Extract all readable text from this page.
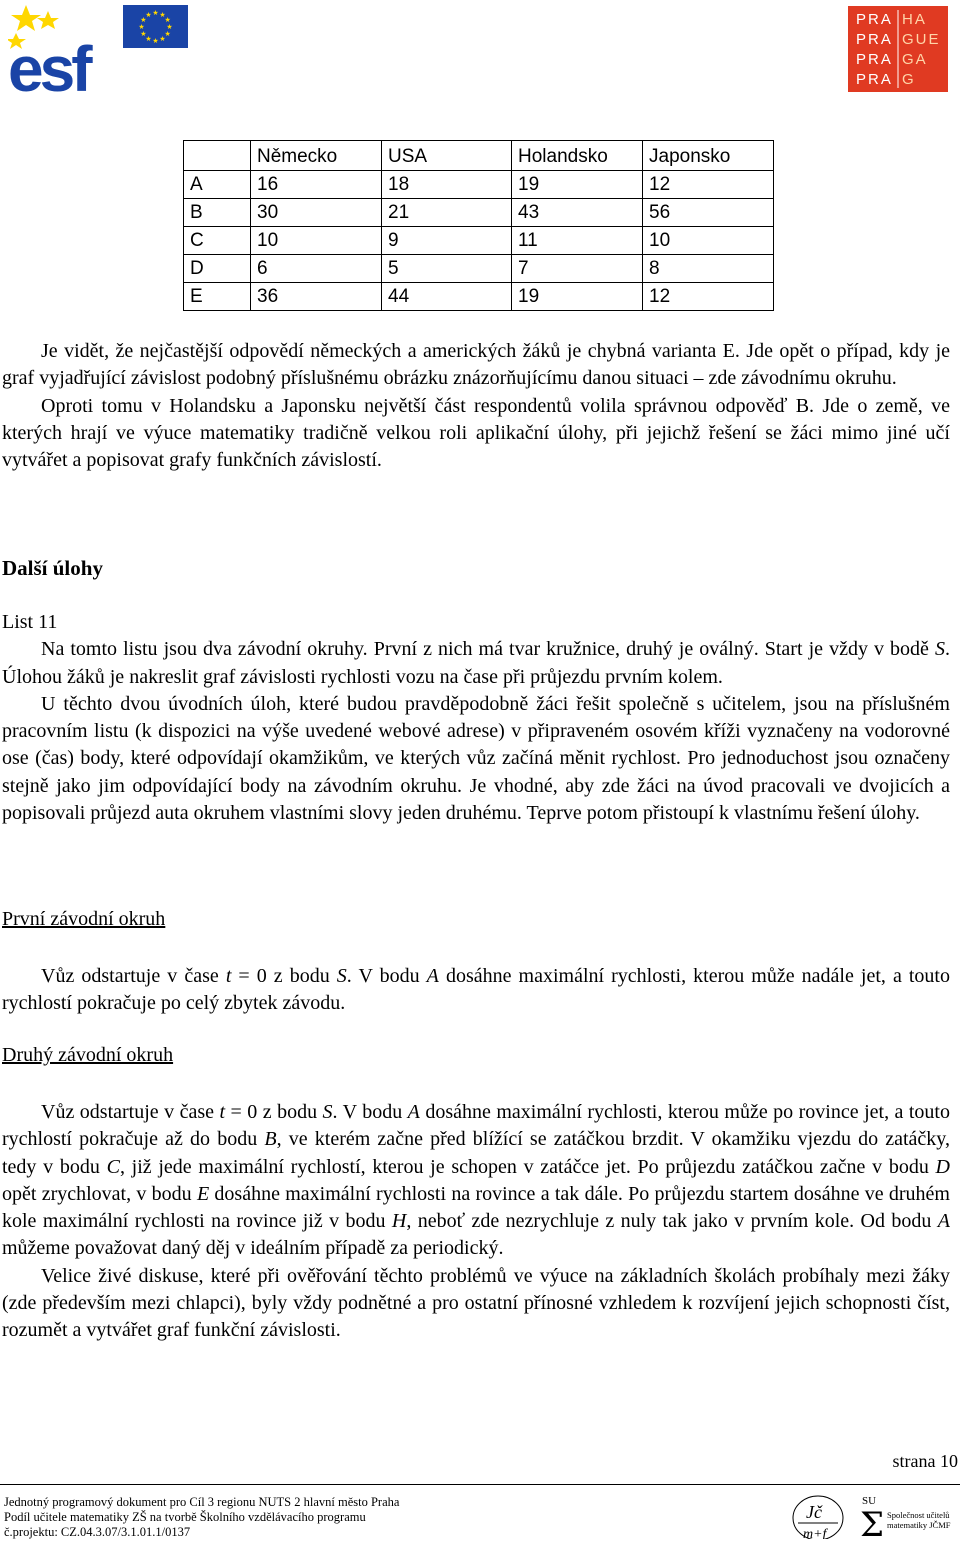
esf
★ ★
★
★
★
★
★
★
★
★
★
★	PRA HA
PRA GUE
PRA GA
PRA G
	Německo	USA	Holandsko	Japonsko
A	16	18	19	12
B	30	21	43	56
C	10	9	11	10
D	6	5	7	8
E	36	44	19	12

Je vidět, že nejčastější odpovědí německých a amerických žáků je chybná varianta E. Jde opět o případ, kdy je graf vyjadřující závislost podobný příslušnému obrázku znázorňujícímu danou situaci – zde závodnímu okruhu.

Oproti tomu v Holandsku a Japonsku největší část respondentů volila správnou odpověď B. Jde o země, ve kterých hrají ve výuce matematiky tradičně velkou roli aplikační úlohy, při jejichž řešení se žáci mimo jiné učí vytvářet a popisovat grafy funkčních závislostí.

Další úlohy

List 11

Na tomto listu jsou dva závodní okruhy. První z nich má tvar kružnice, druhý je oválný. Start je vždy v bodě S. Úlohou žáků je nakreslit graf závislosti rychlosti vozu na čase při průjezdu prvním kolem.

U těchto dvou úvodních úloh, které budou pravděpodobně žáci řešit společně s učitelem, jsou na příslušném pracovním listu (k dispozici na výše uvedené webové adrese) v připraveném osovém kříži vyznačeny na vodorovné ose (čas) body, které odpovídají okamžikům, ve kterých vůz začíná měnit rychlost. Pro jednoduchost jsou označeny stejně jako jim odpovídající body na závodním okruhu. Je vhodné, aby zde žáci na úvod pracovali ve dvojicích a popisovali průjezd auta okruhem vlastními slovy jeden druhému. Teprve potom přistoupí k vlastnímu řešení úlohy.

První závodní okruh

Vůz odstartuje v čase t = 0 z bodu S. V bodu A dosáhne maximální rychlosti, kterou může nadále jet, a touto rychlostí pokračuje po celý zbytek závodu.

Druhý závodní okruh

Vůz odstartuje v čase t = 0 z bodu S. V bodu A dosáhne maximální rychlosti, kterou může po rovince jet, a touto rychlostí pokračuje až do bodu B, ve kterém začne před blížící se zatáčkou brzdit. V okamžiku vjezdu do zatáčky, tedy v bodu C, již jede maximální rychlostí, kterou je schopen v zatáčce jet. Po průjezdu zatáčkou začne v bodu D opět zrychlovat, v bodu E dosáhne maximální rychlosti na rovince a tak dále. Po průjezdu startem dosáhne ve druhém kole maximální rychlosti na rovince již v bodu H, neboť zde nezrychluje z nuly tak jako v prvním kole. Od bodu A můžeme považovat daný děj v ideálním případě za periodický.

Velice živé diskuse, které při ověřování těchto problémů ve výuce na základních školách probíhaly mezi žáky (zde především mezi chlapci), byly vždy podnětné a pro ostatní přínosné vzhledem k rozvíjení jejich schopnosti číst, rozumět a vytvářet graf funkční závislosti.

strana 10
Jednotný programový dokument pro Cíl 3 regionu NUTS 2 hlavní město Praha
Podíl učitele matematiky ZŠ na tvorbě Školního vzdělávacího programu
č.projektu: CZ.04.3.07/3.1.01.1/0137
Jč
m+f
SU
Σ Společnost učitelů
matematiky JČMF
